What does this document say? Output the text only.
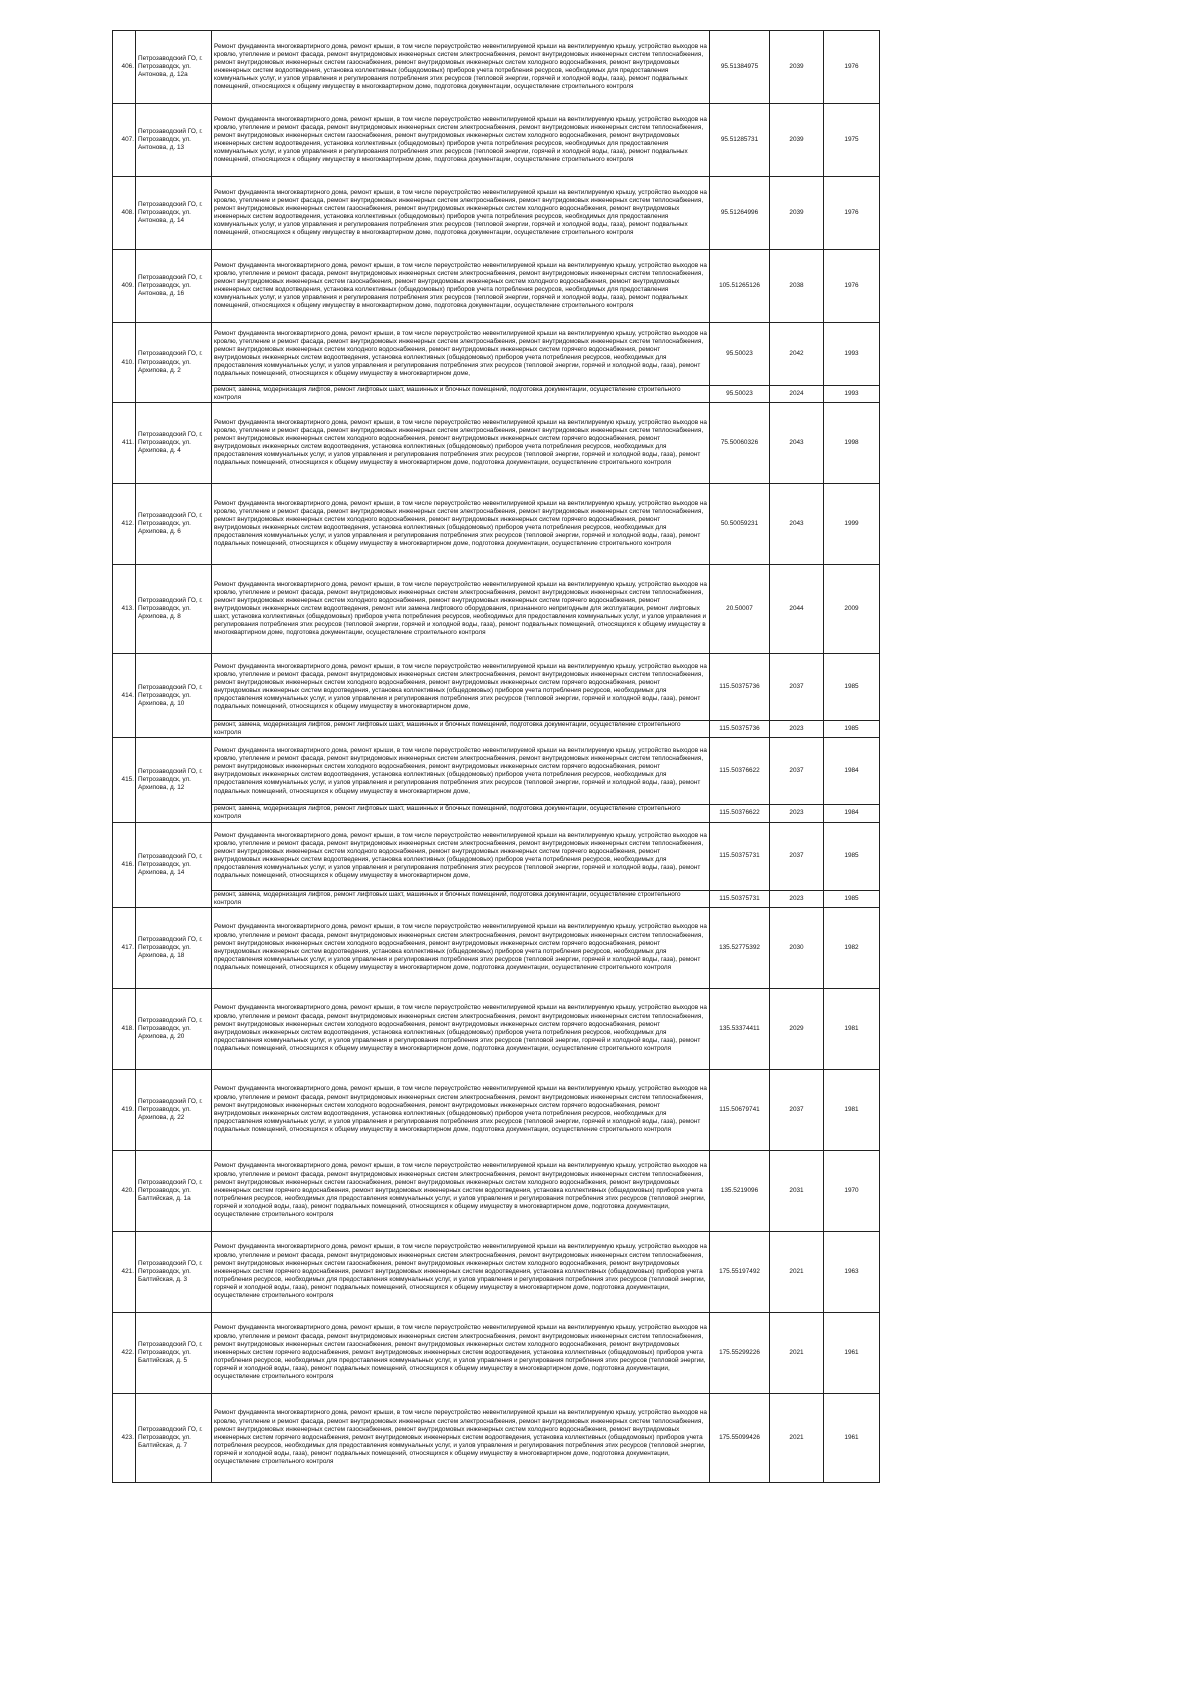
406.	Петрозаводский ГО, г. Петрозаводск, ул. Антонова, д. 12а	Ремонт фундамента многоквартирного дома, ремонт крыши, в том числе переустройство невентилируемой крыши на вентилируемую крышу, устройство выходов на кровлю, утепление и ремонт фасада, ремонт внутридомовых инженерных систем электроснабжения, ремонт внутридомовых инженерных систем теплоснабжения, ремонт внутридомовых инженерных систем газоснабжения, ремонт внутридомовых инженерных систем холодного водоснабжения, ремонт внутридомовых инженерных систем водоотведения, установка коллективных (общедомовых) приборов учета потребления ресурсов, необходимых для предоставления коммунальных услуг, и узлов управления и регулирования потребления этих ресурсов (тепловой энергии, горячей и холодной воды, газа), ремонт подвальных помещений, относящихся к общему имуществу в многоквартирном доме, подготовка документации, осуществление строительного контроля	95.51384975	2039	1976	
407.	Петрозаводский ГО, г. Петрозаводск, ул. Антонова, д. 13	Ремонт фундамента многоквартирного дома, ремонт крыши, в том числе переустройство невентилируемой крыши на вентилируемую крышу, устройство выходов на кровлю, утепление и ремонт фасада, ремонт внутридомовых инженерных систем электроснабжения, ремонт внутридомовых инженерных систем теплоснабжения, ремонт внутридомовых инженерных систем газоснабжения, ремонт внутридомовых инженерных систем холодного водоснабжения, ремонт внутридомовых инженерных систем водоотведения, установка коллективных (общедомовых) приборов учета потребления ресурсов, необходимых для предоставления коммунальных услуг, и узлов управления и регулирования потребления этих ресурсов (тепловой энергии, горячей и холодной воды, газа), ремонт подвальных помещений, относящихся к общему имуществу в многоквартирном доме, подготовка документации, осуществление строительного контроля	95.51285731	2039	1975	
408.	Петрозаводский ГО, г. Петрозаводск, ул. Антонова, д. 14	Ремонт фундамента многоквартирного дома, ремонт крыши, в том числе переустройство невентилируемой крыши на вентилируемую крышу, устройство выходов на кровлю, утепление и ремонт фасада, ремонт внутридомовых инженерных систем электроснабжения, ремонт внутридомовых инженерных систем теплоснабжения, ремонт внутридомовых инженерных систем газоснабжения, ремонт внутридомовых инженерных систем холодного водоснабжения, ремонт внутридомовых инженерных систем водоотведения, установка коллективных (общедомовых) приборов учета потребления ресурсов, необходимых для предоставления коммунальных услуг, и узлов управления и регулирования потребления этих ресурсов (тепловой энергии, горячей и холодной воды, газа), ремонт подвальных помещений, относящихся к общему имуществу в многоквартирном доме, подготовка документации, осуществление строительного контроля	95.51264996	2039	1976	
409.	Петрозаводский ГО, г. Петрозаводск, ул. Антонова, д. 16	Ремонт фундамента многоквартирного дома, ремонт крыши, в том числе переустройство невентилируемой крыши на вентилируемую крышу, устройство выходов на кровлю, утепление и ремонт фасада, ремонт внутридомовых инженерных систем электроснабжения, ремонт внутридомовых инженерных систем теплоснабжения, ремонт внутридомовых инженерных систем газоснабжения, ремонт внутридомовых инженерных систем холодного водоснабжения, ремонт внутридомовых инженерных систем водоотведения, установка коллективных (общедомовых) приборов учета потребления ресурсов, необходимых для предоставления коммунальных услуг, и узлов управления и регулирования потребления этих ресурсов (тепловой энергии, горячей и холодной воды, газа), ремонт подвальных помещений, относящихся к общему имуществу в многоквартирном доме, подготовка документации, осуществление строительного контроля	105.51265126	2038	1976	
410.	Петрозаводский ГО, г. Петрозаводск, ул. Архипова, д. 2	Ремонт фундамента многоквартирного дома, ремонт крыши, в том числе переустройство невентилируемой крыши на вентилируемую крышу, устройство выходов на кровлю, утепление и ремонт фасада, ремонт внутридомовых инженерных систем электроснабжения, ремонт внутридомовых инженерных систем теплоснабжения, ремонт внутридомовых инженерных систем холодного водоснабжения, ремонт внутридомовых инженерных систем горячего водоснабжения, ремонт внутридомовых инженерных систем водоотведения, установка коллективных (общедомовых) приборов учета потребления ресурсов, необходимых для предоставления коммунальных услуг, и узлов управления и регулирования потребления этих ресурсов (тепловой энергии, горячей и холодной воды, газа), ремонт подвальных помещений, относящихся к общему имуществу в многоквартирном доме,	95.50023	2042	1993	
		ремонт, замена, модернизация лифтов, ремонт лифтовых шахт, машинных и блочных помещений, подготовка документации, осуществление строительного контроля	95.50023	2024	1993	
411.	Петрозаводский ГО, г. Петрозаводск, ул. Архипова, д. 4	Ремонт фундамента многоквартирного дома, ремонт крыши, в том числе переустройство невентилируемой крыши на вентилируемую крышу, устройство выходов на кровлю, утепление и ремонт фасада, ремонт внутридомовых инженерных систем электроснабжения, ремонт внутридомовых инженерных систем теплоснабжения, ремонт внутридомовых инженерных систем холодного водоснабжения, ремонт внутридомовых инженерных систем горячего водоснабжения, ремонт внутридомовых инженерных систем водоотведения, установка коллективных (общедомовых) приборов учета потребления ресурсов, необходимых для предоставления коммунальных услуг, и узлов управления и регулирования потребления этих ресурсов (тепловой энергии, горячей и холодной воды, газа), ремонт подвальных помещений, относящихся к общему имуществу в многоквартирном доме, подготовка документации, осуществление строительного контроля	75.50060326	2043	1998	
412.	Петрозаводский ГО, г. Петрозаводск, ул. Архипова, д. 6	Ремонт фундамента многоквартирного дома, ремонт крыши, в том числе переустройство невентилируемой крыши на вентилируемую крышу, устройство выходов на кровлю, утепление и ремонт фасада, ремонт внутридомовых инженерных систем электроснабжения, ремонт внутридомовых инженерных систем теплоснабжения, ремонт внутридомовых инженерных систем холодного водоснабжения, ремонт внутридомовых инженерных систем горячего водоснабжения, ремонт внутридомовых инженерных систем водоотведения, установка коллективных (общедомовых) приборов учета потребления ресурсов, необходимых для предоставления коммунальных услуг, и узлов управления и регулирования потребления этих ресурсов (тепловой энергии, горячей и холодной воды, газа), ремонт подвальных помещений, относящихся к общему имуществу в многоквартирном доме, подготовка документации, осуществление строительного контроля	50.50059231	2043	1999	
413.	Петрозаводский ГО, г. Петрозаводск, ул. Архипова, д. 8	Ремонт фундамента многоквартирного дома, ремонт крыши, в том числе переустройство невентилируемой крыши на вентилируемую крышу, устройство выходов на кровлю, утепление и ремонт фасада, ремонт внутридомовых инженерных систем электроснабжения, ремонт внутридомовых инженерных систем теплоснабжения, ремонт внутридомовых инженерных систем холодного водоснабжения, ремонт внутридомовых инженерных систем горячего водоснабжения, ремонт внутридомовых инженерных систем водоотведения, ремонт или замена лифтового оборудования, признанного непригодным для эксплуатации, ремонт лифтовых шахт, установка коллективных (общедомовых) приборов учета потребления ресурсов, необходимых для предоставления коммунальных услуг, и узлов управления и регулирования потребления этих ресурсов (тепловой энергии, горячей и холодной воды, газа), ремонт подвальных помещений, относящихся к общему имуществу в многоквартирном доме, подготовка документации, осуществление строительного контроля	20.50007	2044	2009	
414.	Петрозаводский ГО, г. Петрозаводск, ул. Архипова, д. 10	Ремонт фундамента многоквартирного дома, ремонт крыши, в том числе переустройство невентилируемой крыши на вентилируемую крышу, устройство выходов на кровлю, утепление и ремонт фасада, ремонт внутридомовых инженерных систем электроснабжения, ремонт внутридомовых инженерных систем теплоснабжения, ремонт внутридомовых инженерных систем холодного водоснабжения, ремонт внутридомовых инженерных систем горячего водоснабжения, ремонт внутридомовых инженерных систем водоотведения, установка коллективных (общедомовых) приборов учета потребления ресурсов, необходимых для предоставления коммунальных услуг, и узлов управления и регулирования потребления этих ресурсов (тепловой энергии, горячей и холодной воды, газа), ремонт подвальных помещений, относящихся к общему имуществу в многоквартирном доме,	115.50375736	2037	1985	
		ремонт, замена, модернизация лифтов, ремонт лифтовых шахт, машинных и блочных помещений, подготовка документации, осуществление строительного контроля	115.50375736	2023	1985	
415.	Петрозаводский ГО, г. Петрозаводск, ул. Архипова, д. 12	Ремонт фундамента многоквартирного дома, ремонт крыши, в том числе переустройство невентилируемой крыши на вентилируемую крышу, устройство выходов на кровлю, утепление и ремонт фасада, ремонт внутридомовых инженерных систем электроснабжения, ремонт внутридомовых инженерных систем теплоснабжения, ремонт внутридомовых инженерных систем холодного водоснабжения, ремонт внутридомовых инженерных систем горячего водоснабжения, ремонт внутридомовых инженерных систем водоотведения, установка коллективных (общедомовых) приборов учета потребления ресурсов, необходимых для предоставления коммунальных услуг, и узлов управления и регулирования потребления этих ресурсов (тепловой энергии, горячей и холодной воды, газа), ремонт подвальных помещений, относящихся к общему имуществу в многоквартирном доме,	115.50376622	2037	1984	
		ремонт, замена, модернизация лифтов, ремонт лифтовых шахт, машинных и блочных помещений, подготовка документации, осуществление строительного контроля	115.50376622	2023	1984	
416.	Петрозаводский ГО, г. Петрозаводск, ул. Архипова, д. 14	Ремонт фундамента многоквартирного дома, ремонт крыши, в том числе переустройство невентилируемой крыши на вентилируемую крышу, устройство выходов на кровлю, утепление и ремонт фасада, ремонт внутридомовых инженерных систем электроснабжения, ремонт внутридомовых инженерных систем теплоснабжения, ремонт внутридомовых инженерных систем холодного водоснабжения, ремонт внутридомовых инженерных систем горячего водоснабжения, ремонт внутридомовых инженерных систем водоотведения, установка коллективных (общедомовых) приборов учета потребления ресурсов, необходимых для предоставления коммунальных услуг, и узлов управления и регулирования потребления этих ресурсов (тепловой энергии, горячей и холодной воды, газа), ремонт подвальных помещений, относящихся к общему имуществу в многоквартирном доме,	115.50375731	2037	1985	
		ремонт, замена, модернизация лифтов, ремонт лифтовых шахт, машинных и блочных помещений, подготовка документации, осуществление строительного контроля	115.50375731	2023	1985	
417.	Петрозаводский ГО, г. Петрозаводск, ул. Архипова, д. 18	Ремонт фундамента многоквартирного дома, ремонт крыши, в том числе переустройство невентилируемой крыши на вентилируемую крышу, устройство выходов на кровлю, утепление и ремонт фасада, ремонт внутридомовых инженерных систем электроснабжения, ремонт внутридомовых инженерных систем теплоснабжения, ремонт внутридомовых инженерных систем холодного водоснабжения, ремонт внутридомовых инженерных систем горячего водоснабжения, ремонт внутридомовых инженерных систем водоотведения, установка коллективных (общедомовых) приборов учета потребления ресурсов, необходимых для предоставления коммунальных услуг, и узлов управления и регулирования потребления этих ресурсов (тепловой энергии, горячей и холодной воды, газа), ремонт подвальных помещений, относящихся к общему имуществу в многоквартирном доме, подготовка документации, осуществление строительного контроля	135.52775392	2030	1982	
418.	Петрозаводский ГО, г. Петрозаводск, ул. Архипова, д. 20	Ремонт фундамента многоквартирного дома, ремонт крыши, в том числе переустройство невентилируемой крыши на вентилируемую крышу, устройство выходов на кровлю, утепление и ремонт фасада, ремонт внутридомовых инженерных систем электроснабжения, ремонт внутридомовых инженерных систем теплоснабжения, ремонт внутридомовых инженерных систем холодного водоснабжения, ремонт внутридомовых инженерных систем горячего водоснабжения, ремонт внутридомовых инженерных систем водоотведения, установка коллективных (общедомовых) приборов учета потребления ресурсов, необходимых для предоставления коммунальных услуг, и узлов управления и регулирования потребления этих ресурсов (тепловой энергии, горячей и холодной воды, газа), ремонт подвальных помещений, относящихся к общему имуществу в многоквартирном доме, подготовка документации, осуществление строительного контроля	135.53374411	2029	1981	
419.	Петрозаводский ГО, г. Петрозаводск, ул. Архипова, д. 22	Ремонт фундамента многоквартирного дома, ремонт крыши, в том числе переустройство невентилируемой крыши на вентилируемую крышу, устройство выходов на кровлю, утепление и ремонт фасада, ремонт внутридомовых инженерных систем электроснабжения, ремонт внутридомовых инженерных систем теплоснабжения, ремонт внутридомовых инженерных систем холодного водоснабжения, ремонт внутридомовых инженерных систем горячего водоснабжения, ремонт внутридомовых инженерных систем водоотведения, установка коллективных (общедомовых) приборов учета потребления ресурсов, необходимых для предоставления коммунальных услуг, и узлов управления и регулирования потребления этих ресурсов (тепловой энергии, горячей и холодной воды, газа), ремонт подвальных помещений, относящихся к общему имуществу в многоквартирном доме, подготовка документации, осуществление строительного контроля	115.50679741	2037	1981	
420.	Петрозаводский ГО, г. Петрозаводск, ул. Балтийская, д. 1а	Ремонт фундамента многоквартирного дома, ремонт крыши, в том числе переустройство невентилируемой крыши на вентилируемую крышу, устройство выходов на кровлю, утепление и ремонт фасада, ремонт внутридомовых инженерных систем электроснабжения, ремонт внутридомовых инженерных систем теплоснабжения, ремонт внутридомовых инженерных систем газоснабжения, ремонт внутридомовых инженерных систем холодного водоснабжения, ремонт внутридомовых инженерных систем горячего водоснабжения, ремонт внутридомовых инженерных систем водоотведения, установка коллективных (общедомовых) приборов учета потребления ресурсов, необходимых для предоставления коммунальных услуг, и узлов управления и регулирования потребления этих ресурсов (тепловой энергии, горячей и холодной воды, газа), ремонт подвальных помещений, относящихся к общему имуществу в многоквартирном доме, подготовка документации, осуществление строительного контроля	135.5219096	2031	1970	
421.	Петрозаводский ГО, г. Петрозаводск, ул. Балтийская, д. 3	Ремонт фундамента многоквартирного дома, ремонт крыши, в том числе переустройство невентилируемой крыши на вентилируемую крышу, устройство выходов на кровлю, утепление и ремонт фасада, ремонт внутридомовых инженерных систем электроснабжения, ремонт внутридомовых инженерных систем теплоснабжения, ремонт внутридомовых инженерных систем газоснабжения, ремонт внутридомовых инженерных систем холодного водоснабжения, ремонт внутридомовых инженерных систем горячего водоснабжения, ремонт внутридомовых инженерных систем водоотведения, установка коллективных (общедомовых) приборов учета потребления ресурсов, необходимых для предоставления коммунальных услуг, и узлов управления и регулирования потребления этих ресурсов (тепловой энергии, горячей и холодной воды, газа), ремонт подвальных помещений, относящихся к общему имуществу в многоквартирном доме, подготовка документации, осуществление строительного контроля	175.55197492	2021	1963	
422.	Петрозаводский ГО, г. Петрозаводск, ул. Балтийская, д. 5	Ремонт фундамента многоквартирного дома, ремонт крыши, в том числе переустройство невентилируемой крыши на вентилируемую крышу, устройство выходов на кровлю, утепление и ремонт фасада, ремонт внутридомовых инженерных систем электроснабжения, ремонт внутридомовых инженерных систем теплоснабжения, ремонт внутридомовых инженерных систем газоснабжения, ремонт внутридомовых инженерных систем холодного водоснабжения, ремонт внутридомовых инженерных систем горячего водоснабжения, ремонт внутридомовых инженерных систем водоотведения, установка коллективных (общедомовых) приборов учета потребления ресурсов, необходимых для предоставления коммунальных услуг, и узлов управления и регулирования потребления этих ресурсов (тепловой энергии, горячей и холодной воды, газа), ремонт подвальных помещений, относящихся к общему имуществу в многоквартирном доме, подготовка документации, осуществление строительного контроля	175.55299226	2021	1961	
423.	Петрозаводский ГО, г. Петрозаводск, ул. Балтийская, д. 7	Ремонт фундамента многоквартирного дома, ремонт крыши, в том числе переустройство невентилируемой крыши на вентилируемую крышу, устройство выходов на кровлю, утепление и ремонт фасада, ремонт внутридомовых инженерных систем электроснабжения, ремонт внутридомовых инженерных систем теплоснабжения, ремонт внутридомовых инженерных систем газоснабжения, ремонт внутридомовых инженерных систем холодного водоснабжения, ремонт внутридомовых инженерных систем горячего водоснабжения, ремонт внутридомовых инженерных систем водоотведения, установка коллективных (общедомовых) приборов учета потребления ресурсов, необходимых для предоставления коммунальных услуг, и узлов управления и регулирования потребления этих ресурсов (тепловой энергии, горячей и холодной воды, газа), ремонт подвальных помещений, относящихся к общему имуществу в многоквартирном доме, подготовка документации, осуществление строительного контроля	175.55099426	2021	1961	
